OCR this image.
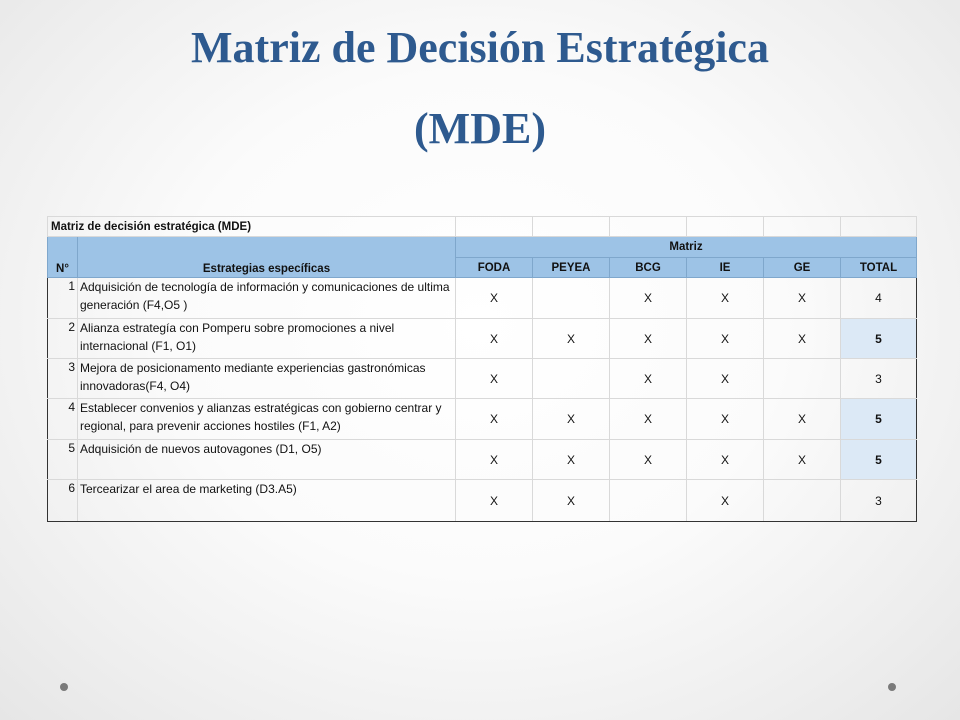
Matriz de Decisión Estratégica
(MDE)
Matriz de decisión estratégica (MDE)							
N°	Estrategias específicas	Matriz					
		FODA	PEYEA	BCG	IE	GE	TOTAL
1	Adquisición de tecnología de información y comunicaciones de ultima generación (F4,O5 )	X		X	X	X	4
2	Alianza estrategía con Pomperu sobre promociones a nivel internacional (F1, O1)	X	X	X	X	X	5
3	Mejora de posicionamento mediante experiencias gastronómicas innovadoras(F4, O4)	X		X	X		3
4	Establecer convenios y alianzas estratégicas con gobierno centrar y regional, para prevenir acciones hostiles (F1, A2)	X	X	X	X	X	5
5	Adquisición de nuevos autovagones (D1, O5)	X	X	X	X	X	5
6	Tercearizar el area de marketing (D3.A5)	X	X		X		3
